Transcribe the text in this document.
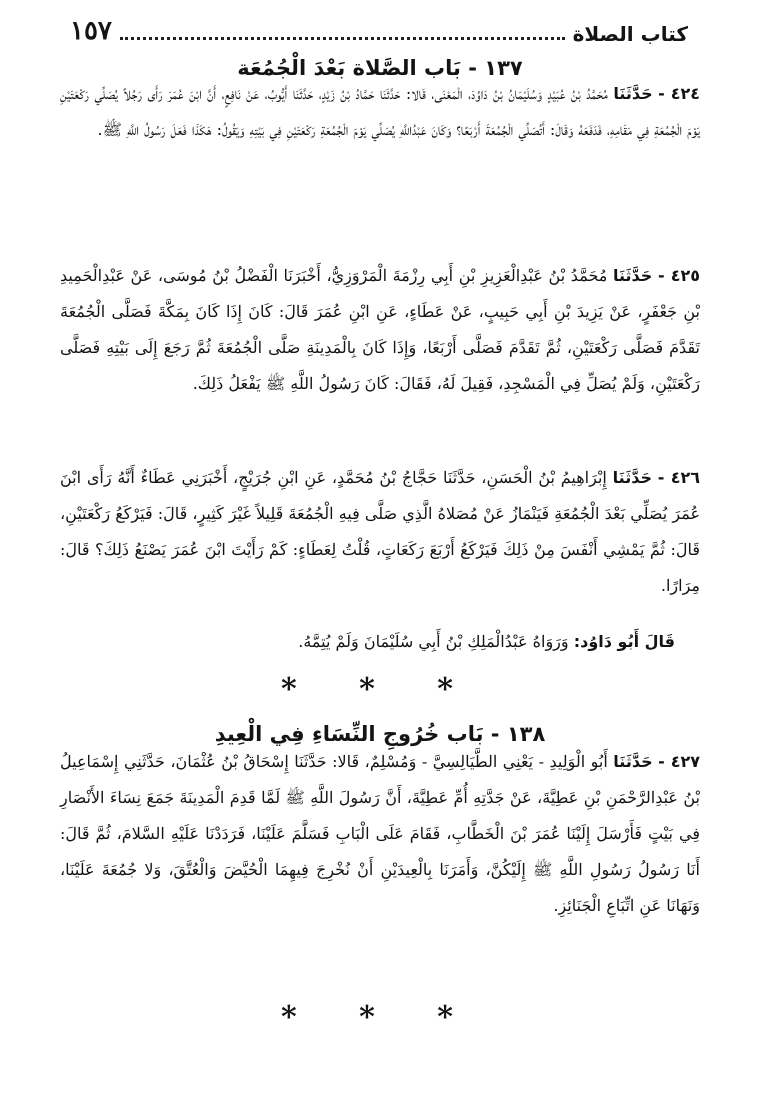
كتاب الصلاة
١٥٧
١٣٧ - بَاب الصَّلاة بَعْدَ الْجُمُعَة

٤٢٤ - حَدَّثَنَا مُحَمَّدُ بْنُ عُبَيْدٍ وَسُلَيْمَانُ بْنُ دَاوُدَ، الْمَعْنَى، قَالا: حَدَّثَنَا حَمَّادُ بْنُ زَيْدٍ، حَدَّثَنَا أَيُّوبُ، عَنْ نَافِعٍ، أَنَّ ابْنَ عُمَرَ رَأَى رَجُلاً يُصَلِّي رَكْعَتَيْنِ يَوْمَ الْجُمُعَةِ فِي مَقَامِهِ، فَدَفَعَهُ وَقَالَ: أَتُصَلِّي الْجُمُعَةَ أَرْبَعًا؟ وَكَانَ عَبْدُاللَّهِ يُصَلِّي يَوْمَ الْجُمُعَةِ رَكْعَتَيْنِ فِي بَيْتِهِ وَيَقُولُ: هَكَذَا فَعَلَ رَسُولُ اللَّهِ ﷺ.

٤٢٥ - حَدَّثَنَا مُحَمَّدُ بْنُ عَبْدِالْعَزِيزِ بْنِ أَبِي رِزْمَةَ الْمَرْوَزِيُّ، أَخْبَرَنَا الْفَضْلُ بْنُ مُوسَى، عَنْ عَبْدِالْحَمِيدِ بْنِ جَعْفَرٍ، عَنْ يَزِيدَ بْنِ أَبِي حَبِيبٍ، عَنْ عَطَاءٍ، عَنِ ابْنِ عُمَرَ قَالَ: كَانَ إِذَا كَانَ بِمَكَّةَ فَصَلَّى الْجُمُعَةَ تَقَدَّمَ فَصَلَّى رَكْعَتَيْنِ، ثُمَّ تَقَدَّمَ فَصَلَّى أَرْبَعًا، وَإِذَا كَانَ بِالْمَدِينَةِ صَلَّى الْجُمُعَةَ ثُمَّ رَجَعَ إِلَى بَيْتِهِ فَصَلَّى رَكْعَتَيْنِ، وَلَمْ يُصَلِّ فِي الْمَسْجِدِ، فَقِيلَ لَهُ، فَقَالَ: كَانَ رَسُولُ اللَّهِ ﷺ يَفْعَلُ ذَلِكَ.

٤٢٦ - حَدَّثَنَا إِبْرَاهِيمُ بْنُ الْحَسَنِ، حَدَّثَنَا حَجَّاجُ بْنُ مُحَمَّدٍ، عَنِ ابْنِ جُرَيْجٍ، أَخْبَرَنِي عَطَاءٌ أَنَّهُ رَأَى ابْنَ عُمَرَ يُصَلِّي بَعْدَ الْجُمُعَةِ فَيَنْمَازُ عَنْ مُصَلاهُ الَّذِي صَلَّى فِيهِ الْجُمُعَةَ قَلِيلاً غَيْرَ كَثِيرٍ، قَالَ: فَيَرْكَعُ رَكْعَتَيْنِ، قَالَ: ثُمَّ يَمْشِي أَنْفَسَ مِنْ ذَلِكَ فَيَرْكَعُ أَرْبَعَ رَكَعَاتٍ، قُلْتُ لِعَطَاءٍ: كَمْ رَأَيْتَ ابْنَ عُمَرَ يَصْنَعُ ذَلِكَ؟ قَالَ: مِرَارًا.

قَالَ أَبُو دَاوُد: وَرَوَاهُ عَبْدُالْمَلِكِ بْنُ أَبِي سُلَيْمَانَ وَلَمْ يُتِمَّهُ.

* * *
١٣٨ - بَاب خُرُوجِ النِّسَاءِ فِي الْعِيدِ

٤٢٧ - حَدَّثَنَا أَبُو الْوَلِيدِ - يَعْنِي الطَّيَالِسِيَّ - وَمُسْلِمٌ، قَالا: حَدَّثَنَا إِسْحَاقُ بْنُ عُثْمَانَ، حَدَّثَنِي إِسْمَاعِيلُ بْنُ عَبْدِالرَّحْمَنِ بْنِ عَطِيَّةَ، عَنْ جَدَّتِهِ أُمِّ عَطِيَّةَ، أَنَّ رَسُولَ اللَّهِ ﷺ لَمَّا قَدِمَ الْمَدِينَةَ جَمَعَ نِسَاءَ الأَنْصَارِ فِي بَيْتٍ فَأَرْسَلَ إِلَيْنَا عُمَرَ بْنَ الْخَطَّابِ، فَقَامَ عَلَى الْبَابِ فَسَلَّمَ عَلَيْنَا، فَرَدَدْنَا عَلَيْهِ السَّلامَ، ثُمَّ قَالَ: أَنَا رَسُولُ رَسُولِ اللَّهِ ﷺ إِلَيْكُنَّ، وَأَمَرَنَا بِالْعِيدَيْنِ أَنْ نُخْرِجَ فِيهِمَا الْحُيَّضَ وَالْعُتَّقَ، وَلا جُمُعَةَ عَلَيْنَا، وَنَهَانَا عَنِ اتِّبَاعِ الْجَنَائِزِ.

* * *
